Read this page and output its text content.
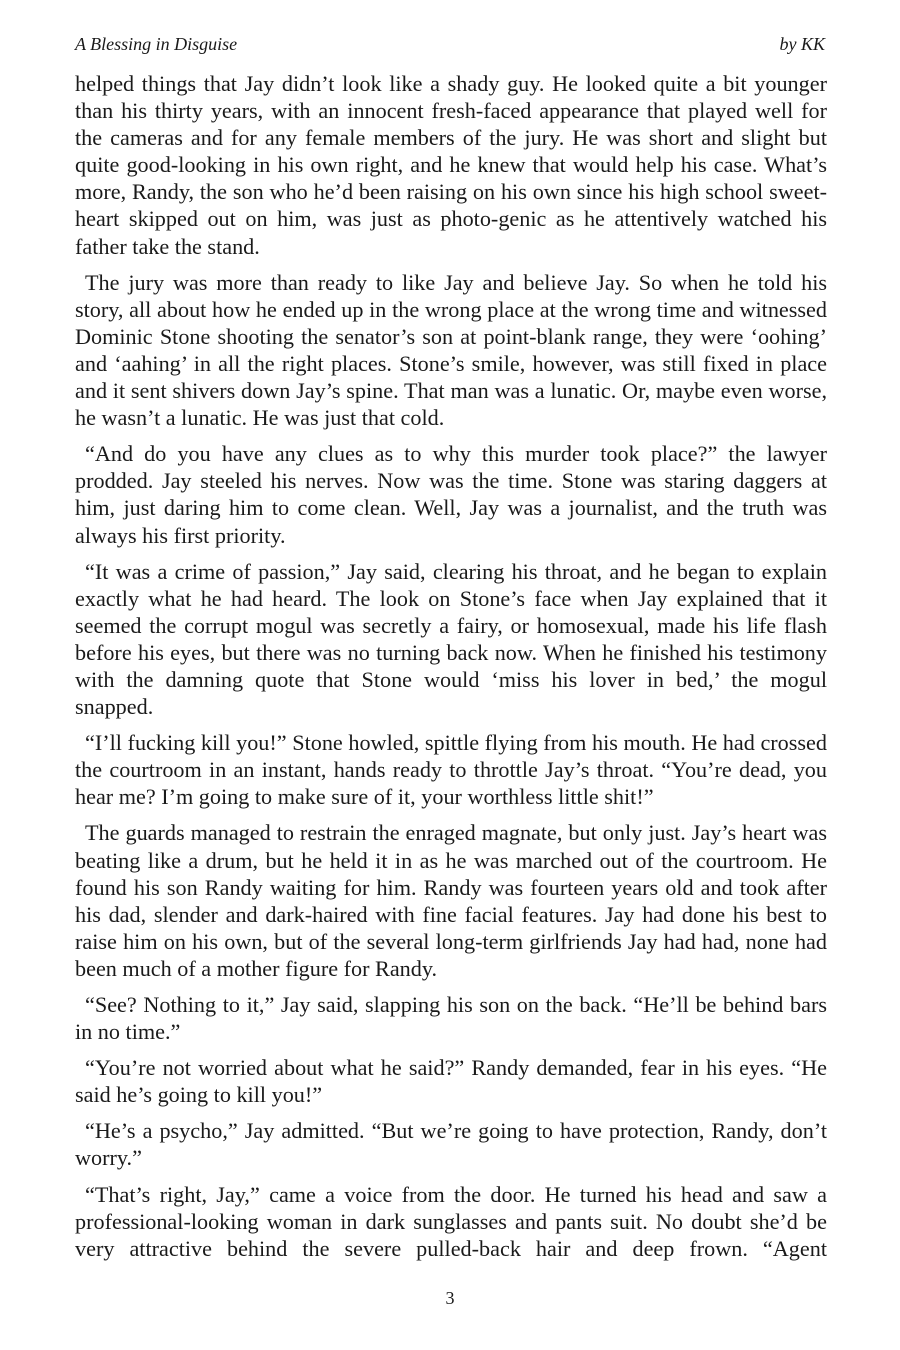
A Blessing in Disguise	by KK

helped things that Jay didn’t look like a shady guy. He looked quite a bit younger than his thirty years, with an innocent fresh-faced appearance that played well for the cameras and for any female members of the jury. He was short and slight but quite good-looking in his own right, and he knew that would help his case. What’s more, Randy, the son who he’d been raising on his own since his high school sweet-heart skipped out on him, was just as photo-genic as he attentively watched his father take the stand.

The jury was more than ready to like Jay and believe Jay. So when he told his story, all about how he ended up in the wrong place at the wrong time and witnessed Dominic Stone shooting the senator’s son at point-blank range, they were ‘oohing’ and ‘aahing’ in all the right places. Stone’s smile, however, was still fixed in place and it sent shivers down Jay’s spine. That man was a lunatic. Or, maybe even worse, he wasn’t a lunatic. He was just that cold.

“And do you have any clues as to why this murder took place?” the lawyer prodded. Jay steeled his nerves. Now was the time. Stone was staring daggers at him, just daring him to come clean. Well, Jay was a journalist, and the truth was always his first priority.

“It was a crime of passion,” Jay said, clearing his throat, and he began to explain exactly what he had heard. The look on Stone’s face when Jay explained that it seemed the corrupt mogul was secretly a fairy, or homosexual, made his life flash before his eyes, but there was no turning back now. When he finished his testimony with the damning quote that Stone would ‘miss his lover in bed,’ the mogul snapped.

“I’ll fucking kill you!” Stone howled, spittle flying from his mouth. He had crossed the courtroom in an instant, hands ready to throttle Jay’s throat. “You’re dead, you hear me? I’m going to make sure of it, your worthless little shit!”

The guards managed to restrain the enraged magnate, but only just. Jay’s heart was beating like a drum, but he held it in as he was marched out of the courtroom. He found his son Randy waiting for him. Randy was fourteen years old and took after his dad, slender and dark-haired with fine facial features. Jay had done his best to raise him on his own, but of the several long-term girlfriends Jay had had, none had been much of a mother figure for Randy.

“See? Nothing to it,” Jay said, slapping his son on the back. “He’ll be behind bars in no time.”

“You’re not worried about what he said?” Randy demanded, fear in his eyes. “He said he’s going to kill you!”

“He’s a psycho,” Jay admitted. “But we’re going to have protection, Randy, don’t worry.”

“That’s right, Jay,” came a voice from the door. He turned his head and saw a professional-looking woman in dark sunglasses and pants suit. No doubt she’d be very attractive behind the severe pulled-back hair and deep frown. “Agent

3
